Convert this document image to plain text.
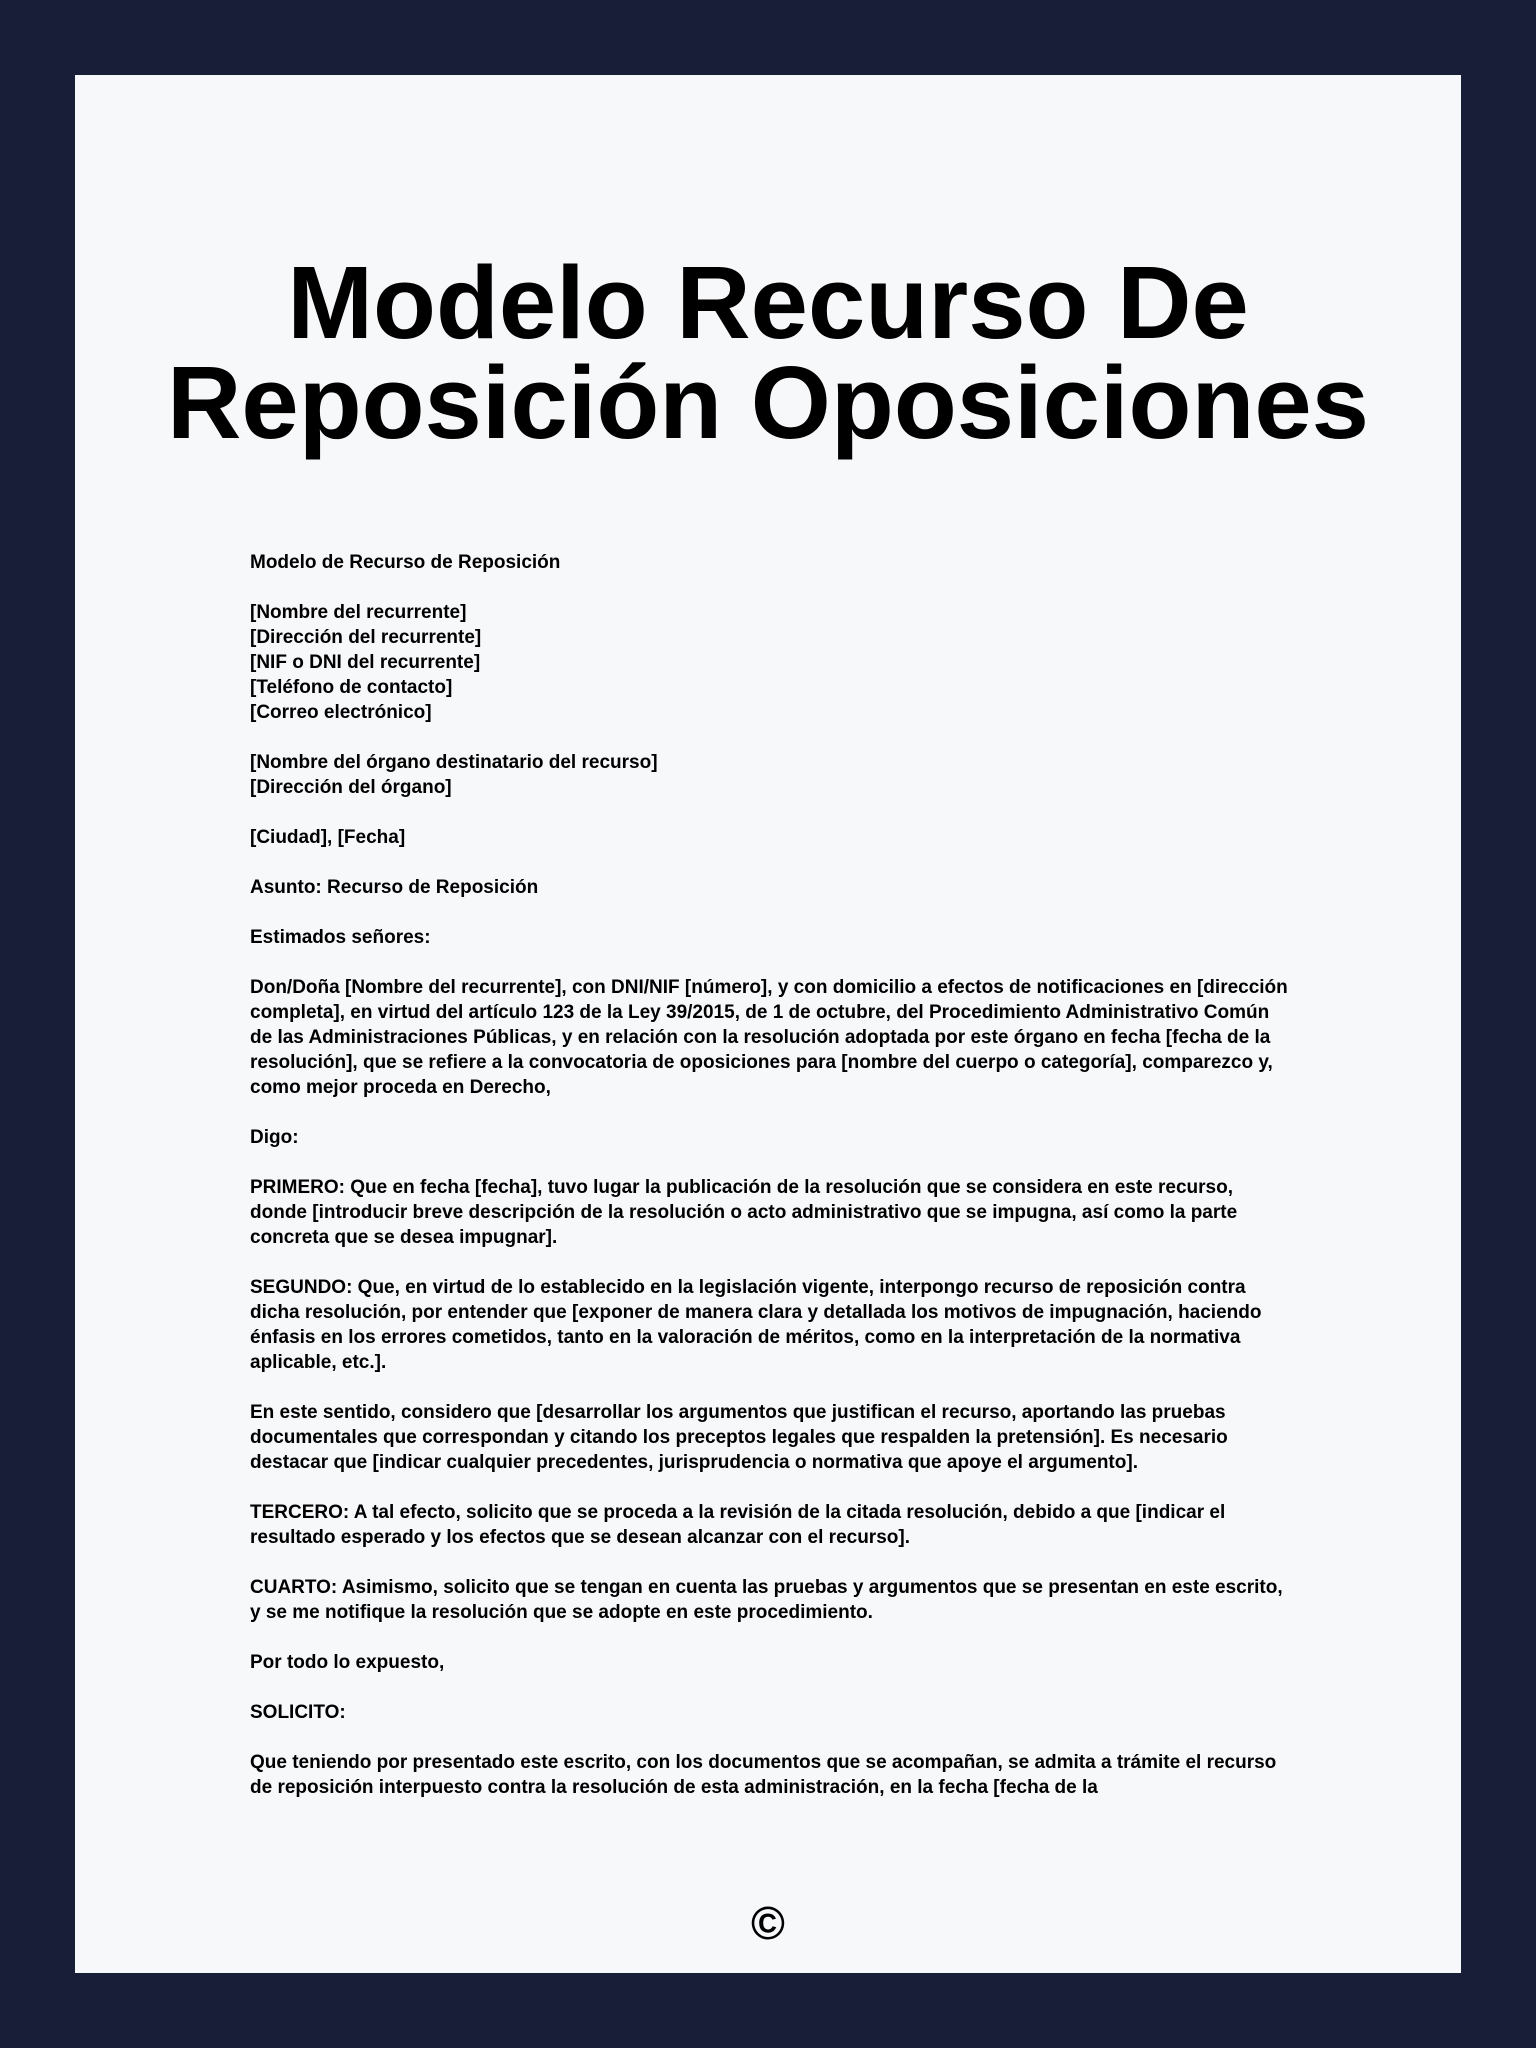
Modelo Recurso De
Reposición Oposiciones

Modelo de Recurso de Reposición

[Nombre del recurrente]
[Dirección del recurrente]
[NIF o DNI del recurrente]
[Teléfono de contacto]
[Correo electrónico]

[Nombre del órgano destinatario del recurso]
[Dirección del órgano]

[Ciudad], [Fecha]

Asunto: Recurso de Reposición

Estimados señores:

Don/Doña [Nombre del recurrente], con DNI/NIF [número], y con domicilio a efectos de notificaciones en [dirección completa], en virtud del artículo 123 de la Ley 39/2015, de 1 de octubre, del Procedimiento Administrativo Común de las Administraciones Públicas, y en relación con la resolución adoptada por este órgano en fecha [fecha de la resolución], que se refiere a la convocatoria de oposiciones para [nombre del cuerpo o categoría], comparezco y, como mejor proceda en Derecho,

Digo:

PRIMERO: Que en fecha [fecha], tuvo lugar la publicación de la resolución que se considera en este recurso, donde [introducir breve descripción de la resolución o acto administrativo que se impugna, así como la parte concreta que se desea impugnar].

SEGUNDO: Que, en virtud de lo establecido en la legislación vigente, interpongo recurso de reposición contra dicha resolución, por entender que [exponer de manera clara y detallada los motivos de impugnación, haciendo énfasis en los errores cometidos, tanto en la valoración de méritos, como en la interpretación de la normativa aplicable, etc.].

En este sentido, considero que [desarrollar los argumentos que justifican el recurso, aportando las pruebas documentales que correspondan y citando los preceptos legales que respalden la pretensión]. Es necesario destacar que [indicar cualquier precedentes, jurisprudencia o normativa que apoye el argumento].

TERCERO: A tal efecto, solicito que se proceda a la revisión de la citada resolución, debido a que [indicar el resultado esperado y los efectos que se desean alcanzar con el recurso].

CUARTO: Asimismo, solicito que se tengan en cuenta las pruebas y argumentos que se presentan en este escrito, y se me notifique la resolución que se adopte en este procedimiento.

Por todo lo expuesto,

SOLICITO:

Que teniendo por presentado este escrito, con los documentos que se acompañan, se admita a trámite el recurso de reposición interpuesto contra la resolución de esta administración, en la fecha [fecha de la

©
